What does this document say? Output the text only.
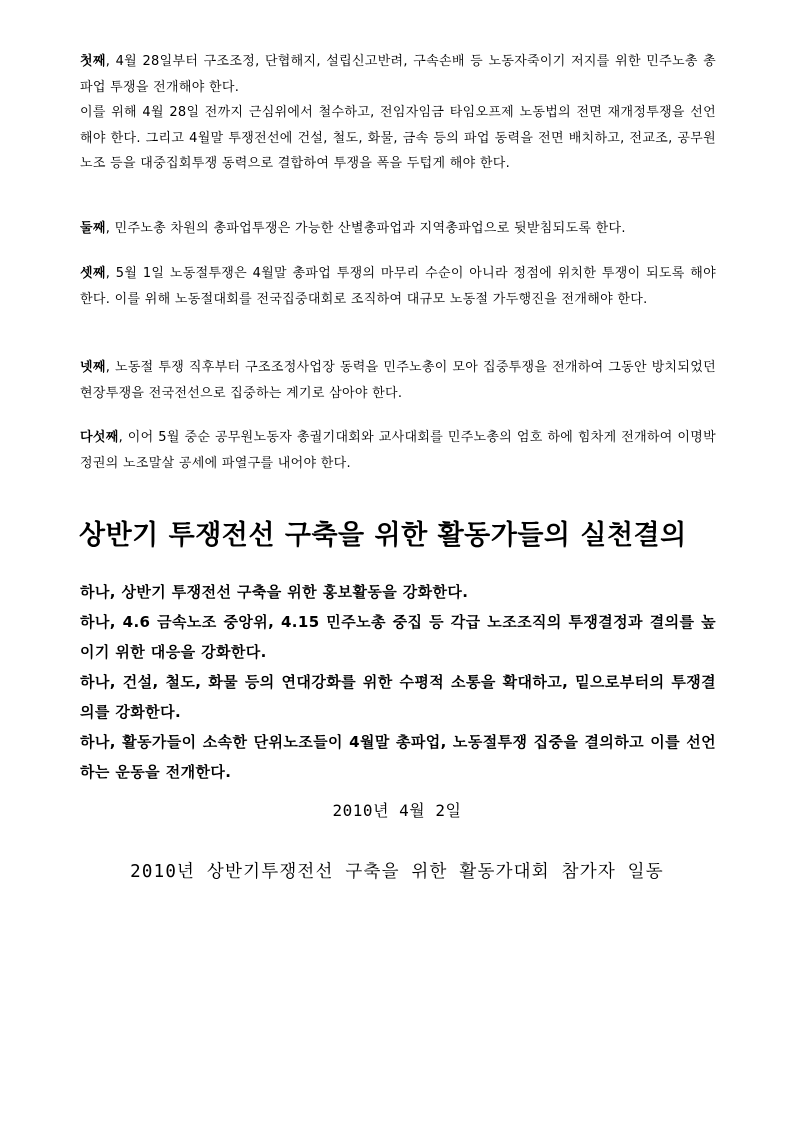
첫째, 4월 28일부터 구조조정, 단협해지, 설립신고반려, 구속손배 등 노동자죽이기 저지를 위한 민주노총 총파업 투쟁을 전개해야 한다.
이를 위해 4월 28일 전까지 근심위에서 철수하고, 전임자임금 타임오프제 노동법의 전면 재개정투쟁을 선언해야 한다. 그리고 4월말 투쟁전선에 건설, 철도, 화물, 금속 등의 파업 동력을 전면 배치하고, 전교조, 공무원노조 등을 대중집회투쟁 동력으로 결합하여 투쟁을 폭을 두텁게 해야 한다.

둘째, 민주노총 차원의 총파업투쟁은 가능한 산별총파업과 지역총파업으로 뒷받침되도록 한다.

셋째, 5월 1일 노동절투쟁은 4월말 총파업 투쟁의 마무리 수순이 아니라 정점에 위치한 투쟁이 되도록 해야 한다. 이를 위해 노동절대회를 전국집중대회로 조직하여 대규모 노동절 가두행진을 전개해야 한다.

넷째, 노동절 투쟁 직후부터 구조조정사업장 동력을 민주노총이 모아 집중투쟁을 전개하여 그동안 방치되었던 현장투쟁을 전국전선으로 집중하는 계기로 삼아야 한다.

다섯째, 이어 5월 중순 공무원노동자 총궐기대회와 교사대회를 민주노총의 엄호 하에 힘차게 전개하여 이명박정권의 노조말살 공세에 파열구를 내어야 한다.

상반기 투쟁전선 구축을 위한 활동가들의 실천결의
하나, 상반기 투쟁전선 구축을 위한 홍보활동을 강화한다.
하나, 4.6 금속노조 중앙위, 4.15 민주노총 중집 등 각급 노조조직의 투쟁결정과 결의를 높이기 위한 대응을 강화한다.
하나, 건설, 철도, 화물 등의 연대강화를 위한 수평적 소통을 확대하고, 밑으로부터의 투쟁결의를 강화한다.
하나, 활동가들이 소속한 단위노조들이 4월말 총파업, 노동절투쟁 집중을 결의하고 이를 선언하는 운동을 전개한다.
2010년 4월 2일
2010년 상반기투쟁전선 구축을 위한 활동가대회 참가자 일동
